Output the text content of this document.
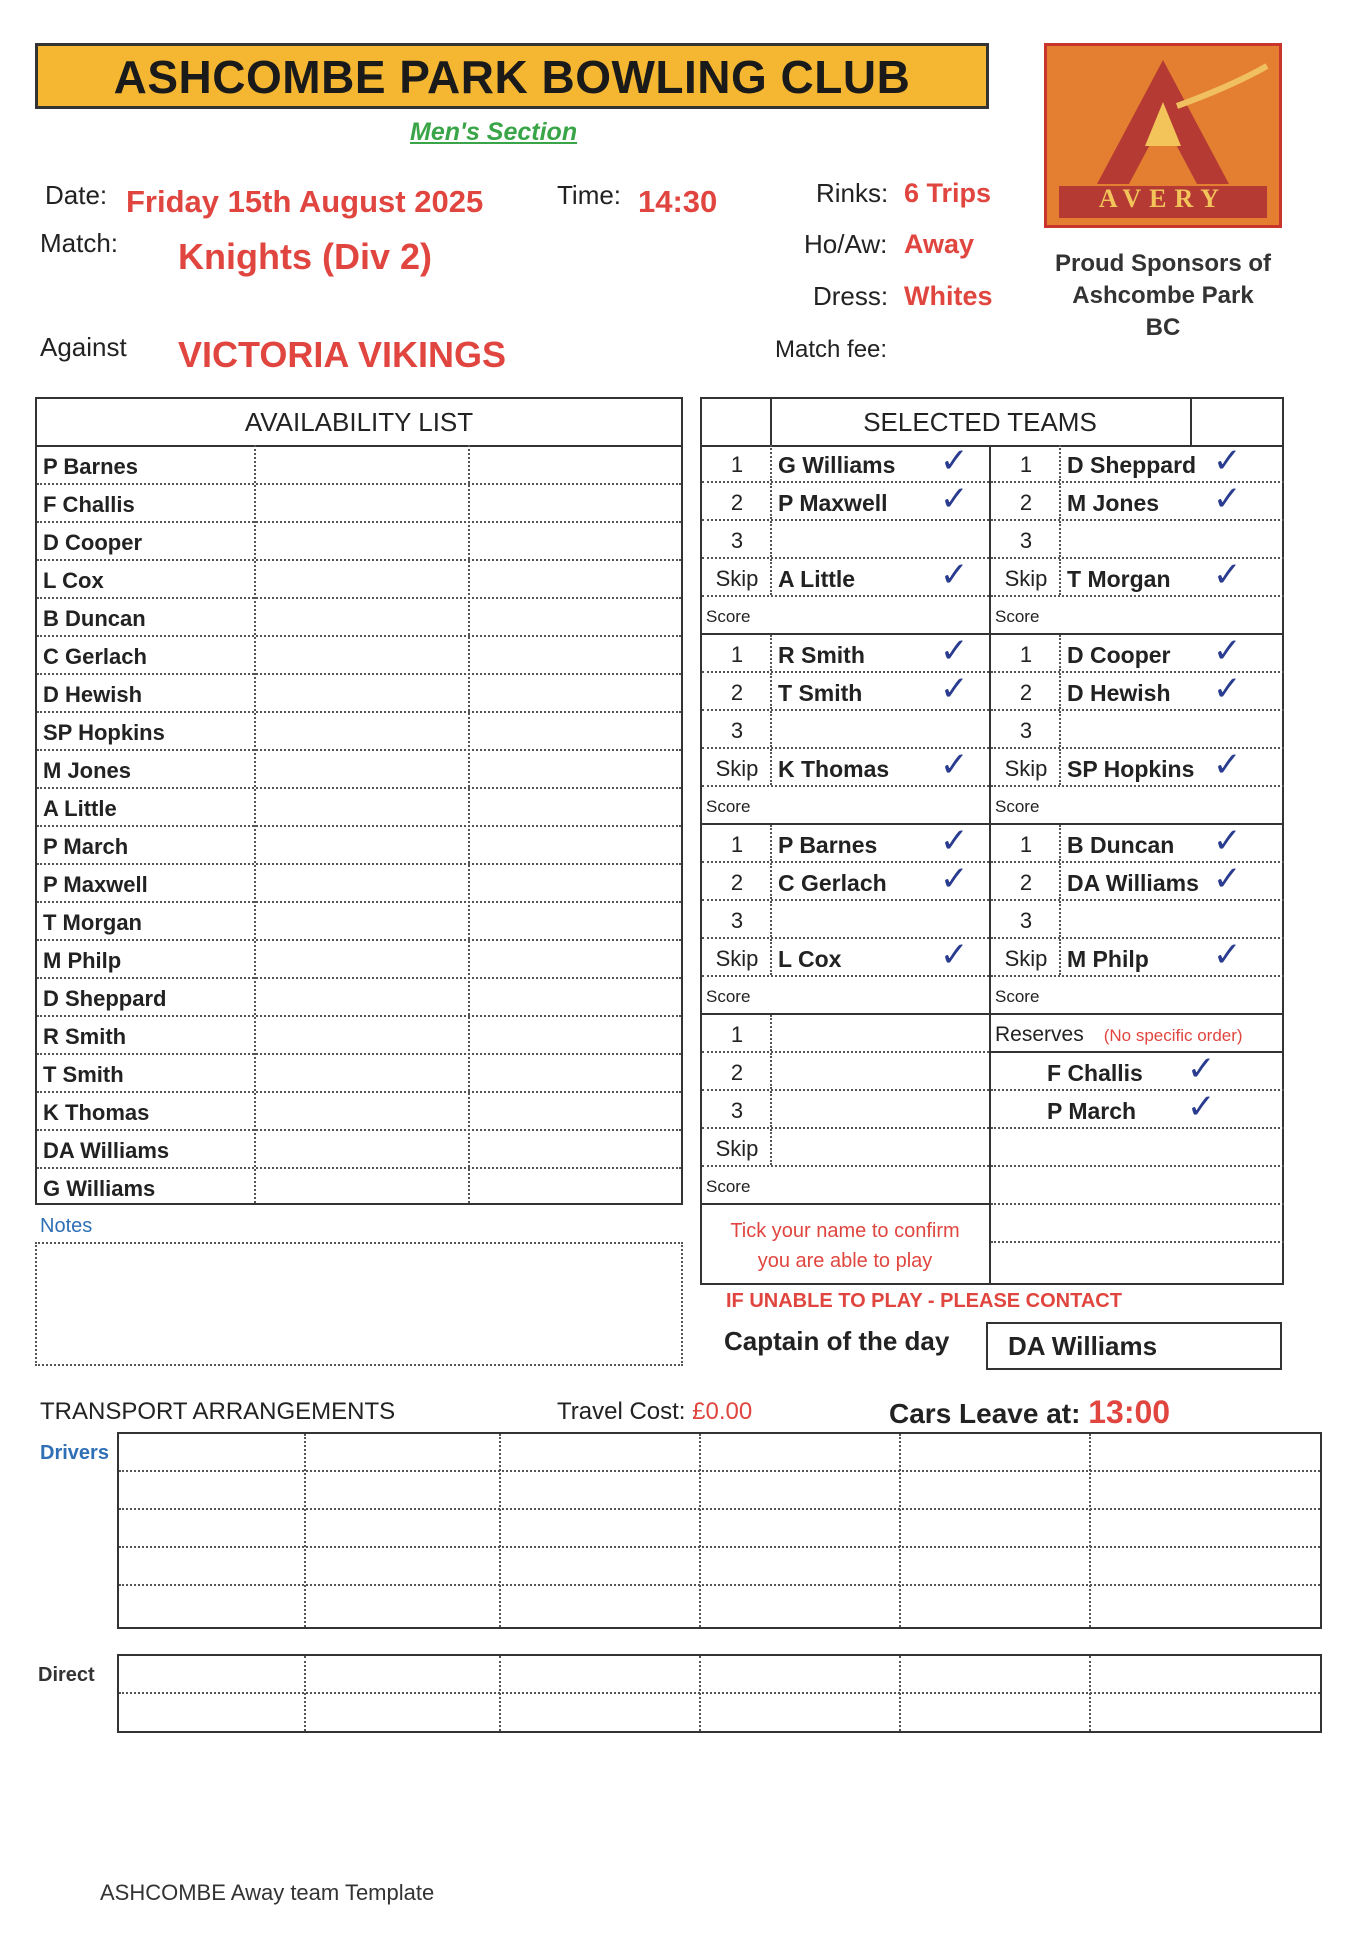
ASHCOMBE PARK BOWLING CLUB
Men's Section
Date: Friday 15th August 2025	Time: 14:30	Rinks: 6 Trips
Match: Knights (Div 2)	Ho/Aw: Away
Dress: Whites
Against VICTORIA VIKINGS	Match fee:
AVERY
Proud Sponsors of
Ashcombe Park
BC
AVAILABILITY LIST
P Barnes
F Challis
D Cooper
L Cox
B Duncan
C Gerlach
D Hewish
SP Hopkins
M Jones
A Little
P March
P Maxwell
T Morgan
M Philp
D Sheppard
R Smith
T Smith
K Thomas
DA Williams
G Williams
SELECTED TEAMS
1	G Williams ✓
2	P Maxwell ✓
3
Skip A Little ✓
Score
1	R Smith ✓
2	T Smith ✓
3
Skip K Thomas ✓
Score
1	P Barnes ✓
2	C Gerlach ✓
3
Skip L Cox	✓
Score
1
2
3
Skip
Score
1	D Sheppard ✓
2	M Jones ✓
3
Skip T Morgan ✓
Score
1	D Cooper ✓
2	D Hewish ✓
3
Skip SP Hopkins ✓
Score
1	B Duncan ✓
2	DA Williams ✓
3
Skip M Philp ✓
Score
Reserves (No specific order)
F Challis ✓
P March ✓
Notes	Tick your name to confirm
you are able to play
IF UNABLE TO PLAY - PLEASE CONTACT
Captain of the day	DA Williams
TRANSPORT ARRANGEMENTS	Travel Cost: £0.00	Cars Leave at: 13:00
Drivers
Direct
ASHCOMBE Away team Template
